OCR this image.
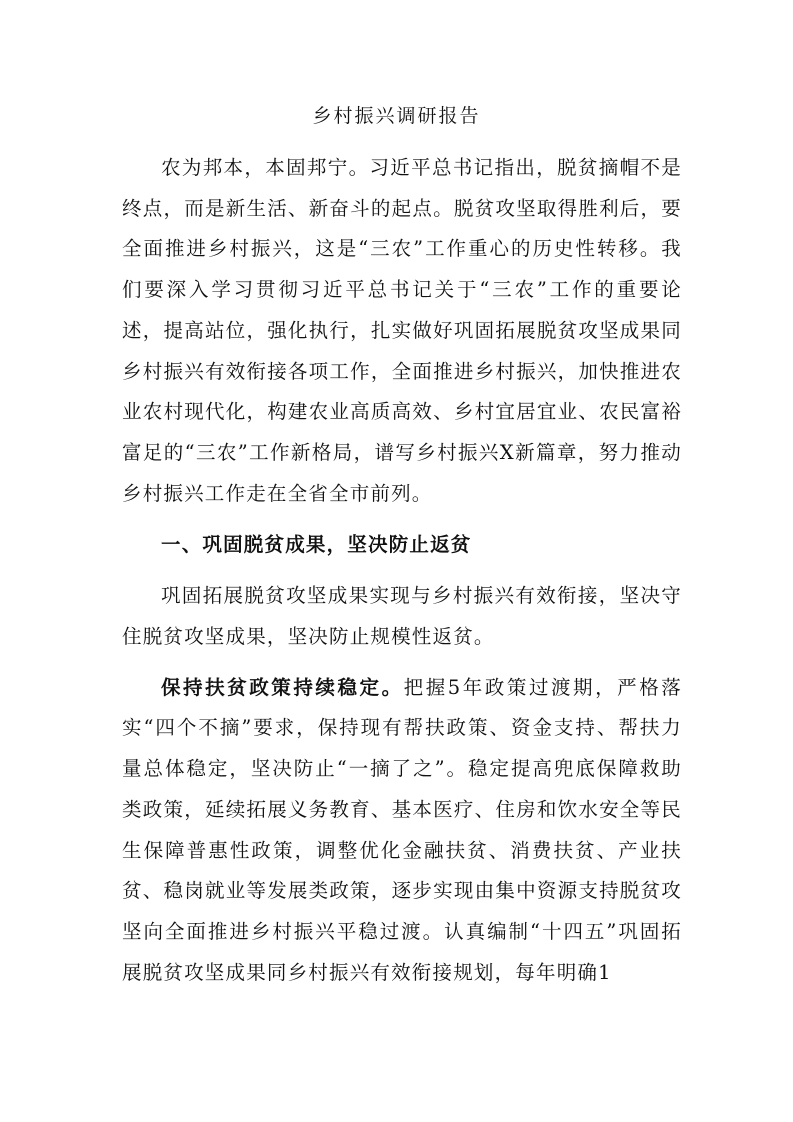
乡村振兴调研报告

农为邦本，本固邦宁。习近平总书记指出，脱贫摘帽不是终点，而是新生活、新奋斗的起点。脱贫攻坚取得胜利后，要全面推进乡村振兴，这是“三农”工作重心的历史性转移。我们要深入学习贯彻习近平总书记关于“三农”工作的重要论述，提高站位，强化执行，扎实做好巩固拓展脱贫攻坚成果同乡村振兴有效衔接各项工作，全面推进乡村振兴，加快推进农业农村现代化，构建农业高质高效、乡村宜居宜业、农民富裕富足的“三农”工作新格局，谱写乡村振兴X新篇章，努力推动乡村振兴工作走在全省全市前列。

一、巩固脱贫成果，坚决防止返贫

巩固拓展脱贫攻坚成果实现与乡村振兴有效衔接，坚决守住脱贫攻坚成果，坚决防止规模性返贫。

保持扶贫政策持续稳定。把握5年政策过渡期，严格落实“四个不摘”要求，保持现有帮扶政策、资金支持、帮扶力量总体稳定，坚决防止“一摘了之”。稳定提高兜底保障救助类政策，延续拓展义务教育、基本医疗、住房和饮水安全等民生保障普惠性政策，调整优化金融扶贫、消费扶贫、产业扶贫、稳岗就业等发展类政策，逐步实现由集中资源支持脱贫攻坚向全面推进乡村振兴平稳过渡。认真编制“十四五”巩固拓展脱贫攻坚成果同乡村振兴有效衔接规划，每年明确1
